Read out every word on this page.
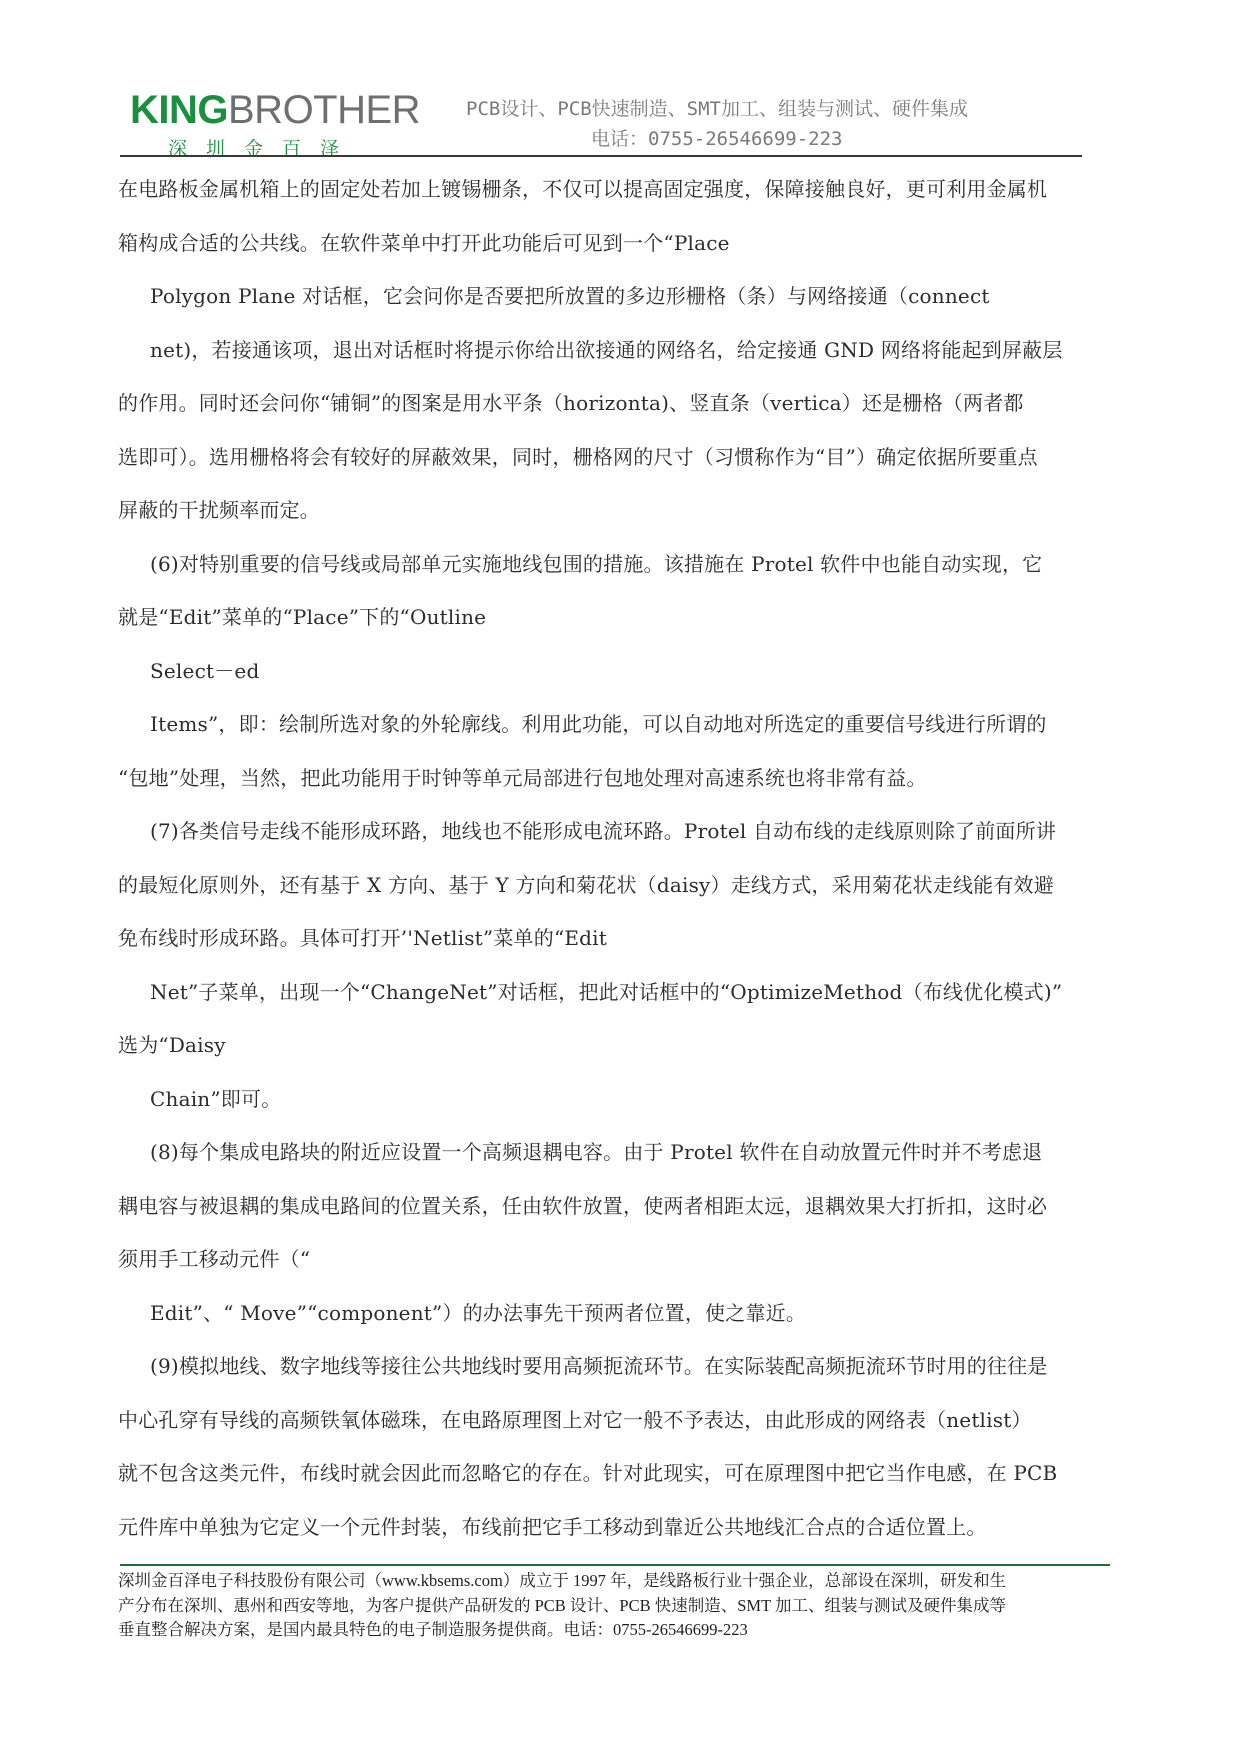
KINGBROTHER
深圳金百泽
PCB设计、PCB快速制造、SMT加工、组装与测试、硬件集成
电话：0755-26546699-223
在电路板金属机箱上的固定处若加上镀锡栅条，不仅可以提高固定强度，保障接触良好，更可利用金属机
箱构成合适的公共线。在软件菜单中打开此功能后可见到一个“Place
Polygon Plane 对话框，它会问你是否要把所放置的多边形栅格（条）与网络接通（connect
net)，若接通该项，退出对话框时将提示你给出欲接通的网络名，给定接通 GND 网络将能起到屏蔽层
的作用。同时还会问你“铺铜”的图案是用水平条（horizonta)、竖直条（vertica）还是栅格（两者都
选即可）。选用栅格将会有较好的屏蔽效果，同时，栅格网的尺寸（习惯称作为“目”）确定依据所要重点
屏蔽的干扰频率而定。
(6)对特别重要的信号线或局部单元实施地线包围的措施。该措施在 Protel 软件中也能自动实现，它
就是“Edit”菜单的“Place”下的“Outline
Select－ed
Items”，即：绘制所选对象的外轮廓线。利用此功能，可以自动地对所选定的重要信号线进行所谓的
“包地”处理，当然，把此功能用于时钟等单元局部进行包地处理对高速系统也将非常有益。
(7)各类信号走线不能形成环路，地线也不能形成电流环路。Protel 自动布线的走线原则除了前面所讲
的最短化原则外，还有基于 X 方向、基于 Y 方向和菊花状（daisy）走线方式，采用菊花状走线能有效避
免布线时形成环路。具体可打开’'Netlist”菜单的“Edit
Net”子菜单，出现一个“ChangeNet”对话框，把此对话框中的“OptimizeMethod（布线优化模式)”
选为“Daisy
Chain”即可。
(8)每个集成电路块的附近应设置一个高频退耦电容。由于 Protel 软件在自动放置元件时并不考虑退
耦电容与被退耦的集成电路间的位置关系，任由软件放置，使两者相距太远，退耦效果大打折扣，这时必
须用手工移动元件（“
Edit”、“ Move”“component”）的办法事先干预两者位置，使之靠近。
(9)模拟地线、数字地线等接往公共地线时要用高频扼流环节。在实际装配高频扼流环节时用的往往是
中心孔穿有导线的高频铁氧体磁珠，在电路原理图上对它一般不予表达，由此形成的网络表（netlist）
就不包含这类元件，布线时就会因此而忽略它的存在。针对此现实，可在原理图中把它当作电感，在 PCB
元件库中单独为它定义一个元件封装，布线前把它手工移动到靠近公共地线汇合点的合适位置上。
深圳金百泽电子科技股份有限公司（www.kbsems.com）成立于 1997 年，是线路板行业十强企业，总部设在深圳，研发和生
产分布在深圳、惠州和西安等地，为客户提供产品研发的 PCB 设计、PCB 快速制造、SMT 加工、组装与测试及硬件集成等
垂直整合解决方案，是国内最具特色的电子制造服务提供商。电话：0755-26546699-223
